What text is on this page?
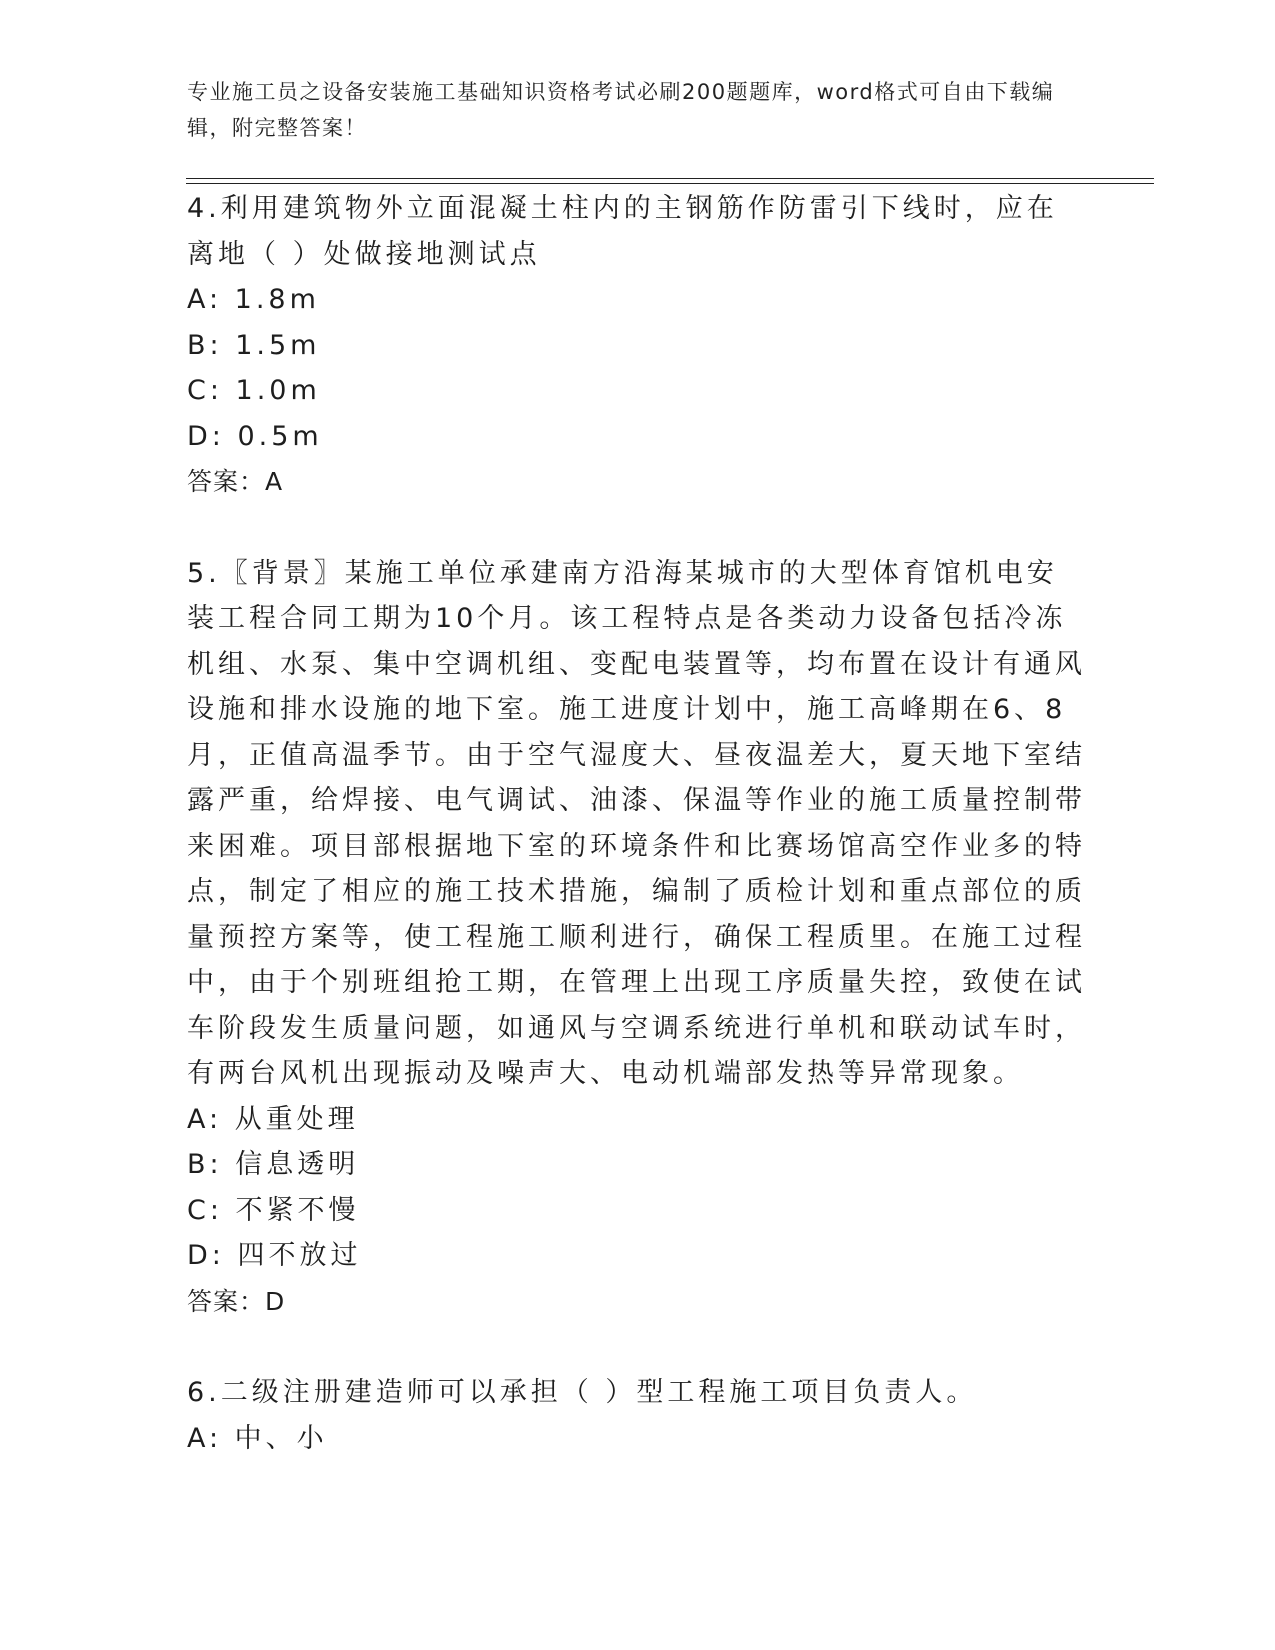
专业施工员之设备安装施工基础知识资格考试必刷200题题库，word格式可自由下载编辑，附完整答案！

4.利用建筑物外立面混凝土柱内的主钢筋作防雷引下线时，应在离地（ ）处做接地测试点

A: 1.8m

B: 1.5m

C: 1.0m

D: 0.5m

答案：A

5.〖背景〗某施工单位承建南方沿海某城市的大型体育馆机电安装工程合同工期为10个月。该工程特点是各类动力设备包括冷冻机组、水泵、集中空调机组、变配电装置等，均布置在设计有通风设施和排水设施的地下室。施工进度计划中，施工高峰期在6、8月，正值高温季节。由于空气湿度大、昼夜温差大，夏天地下室结露严重，给焊接、电气调试、油漆、保温等作业的施工质量控制带来困难。项目部根据地下室的环境条件和比赛场馆高空作业多的特点，制定了相应的施工技术措施，编制了质检计划和重点部位的质量预控方案等，使工程施工顺利进行，确保工程质里。在施工过程中，由于个别班组抢工期，在管理上出现工序质量失控，致使在试车阶段发生质量问题，如通风与空调系统进行单机和联动试车时，有两台风机出现振动及噪声大、电动机端部发热等异常现象。

A: 从重处理

B: 信息透明

C: 不紧不慢

D: 四不放过

答案：D

6.二级注册建造师可以承担（ ）型工程施工项目负责人。

A: 中、小
